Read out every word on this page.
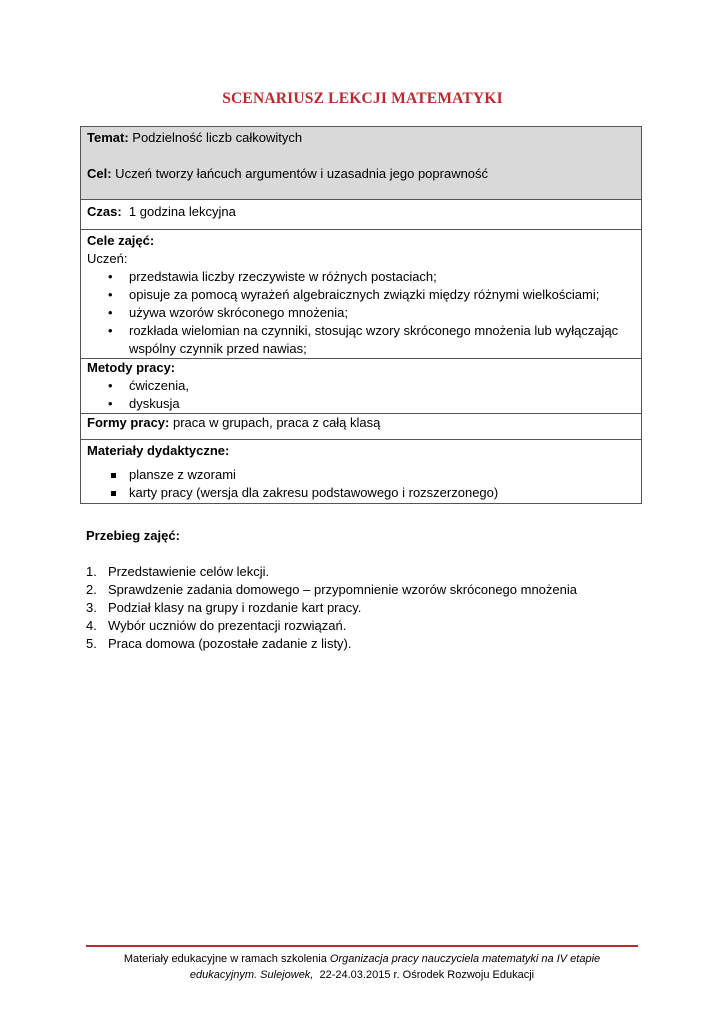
SCENARIUSZ LEKCJI MATEMATYKI
Temat: Podzielność liczb całkowitych
Cel: Uczeń tworzy łańcuch argumentów i uzasadnia jego poprawność

Czas:  1 godzina lekcyjna

Cele zajęć:
Uczeń:
• przedstawia liczby rzeczywiste w różnych postaciach;
• opisuje za pomocą wyrażeń algebraicznych związki między różnymi wielkościami;
• używa wzorów skróconego mnożenia;
• rozkłada wielomian na czynniki, stosując wzory skróconego mnożenia lub wyłączając wspólny czynnik przed nawias;

Metody pracy:
• ćwiczenia,
• dyskusja

Formy pracy: praca w grupach, praca z całą klasą

Materiały dydaktyczne:
plansze z wzorami
karty pracy (wersja dla zakresu podstawowego i rozszerzonego)
Przebieg zajęć:
1. Przedstawienie celów lekcji.
2. Sprawdzenie zadania domowego – przypomnienie wzorów skróconego mnożenia
3. Podział klasy na grupy i rozdanie kart pracy.
4. Wybór uczniów do prezentacji rozwiązań.
5. Praca domowa (pozostałe zadanie z listy).
Materiały edukacyjne w ramach szkolenia Organizacja pracy nauczyciela matematyki na IV etapie
edukacyjnym. Sulejowek,  22-24.03.2015 r. Ośrodek Rozwoju Edukacji
